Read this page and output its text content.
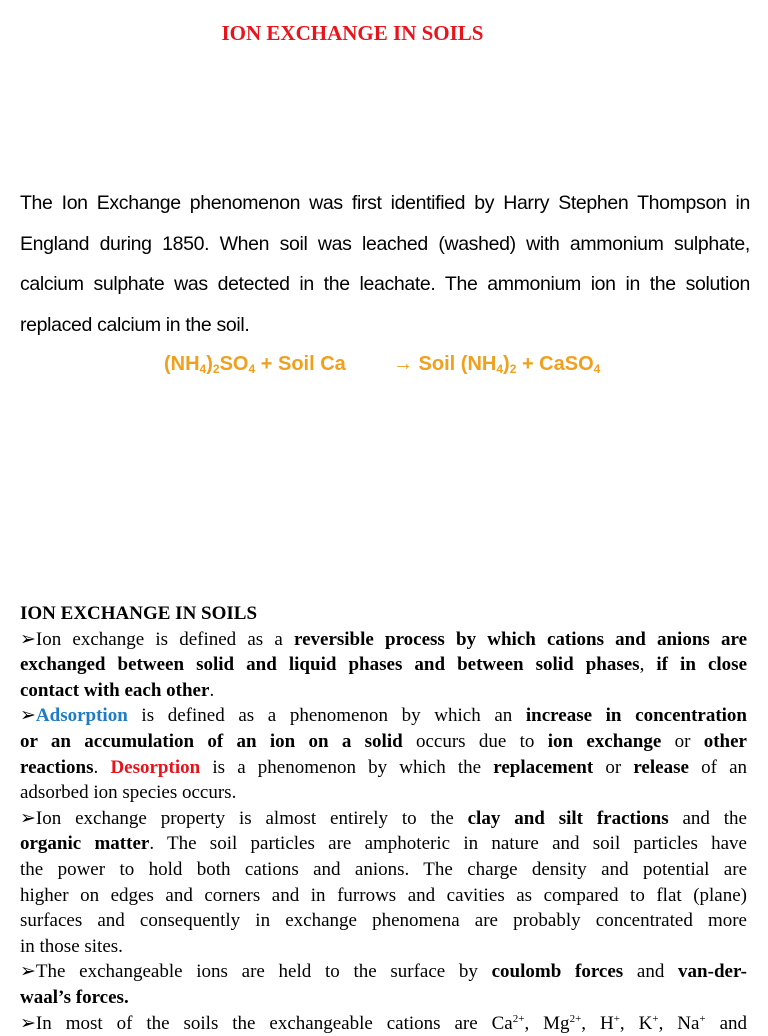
ION EXCHANGE IN SOILS
The Ion Exchange phenomenon was first identified by Harry Stephen Thompson in
England during 1850. When soil was leached (washed) with ammonium sulphate,
calcium sulphate was detected in the leachate. The ammonium ion in the solution
replaced calcium in the soil.
$(NH_4)_2SO_4$ + Soil Ca → Soil $(NH_4)_2$ + CaSO$_4$
ION EXCHANGE IN SOILS
➢Ion exchange is defined as a reversible process by which cations and anions are
exchanged between solid and liquid phases and between solid phases, if in close
contact with each other.
➢Adsorption is defined as a phenomenon by which an increase in concentration
or an accumulation of an ion on a solid occurs due to ion exchange or other
reactions. Desorption is a phenomenon by which the replacement or release of an
adsorbed ion species occurs.
➢Ion exchange property is almost entirely to the clay and silt fractions and the
organic matter. The soil particles are amphoteric in nature and soil particles have
the power to hold both cations and anions. The charge density and potential are
higher on edges and corners and in furrows and cavities as compared to flat (plane)
surfaces and consequently in exchange phenomena are probably concentrated more
in those sites.
➢The exchangeable ions are held to the surface by coulomb forces and van-der-
waal’s forces.
➢In most of the soils the exchangeable cations are $Ca^{2+}$, $Mg^{2+}$, H+, K+, Na+ and
